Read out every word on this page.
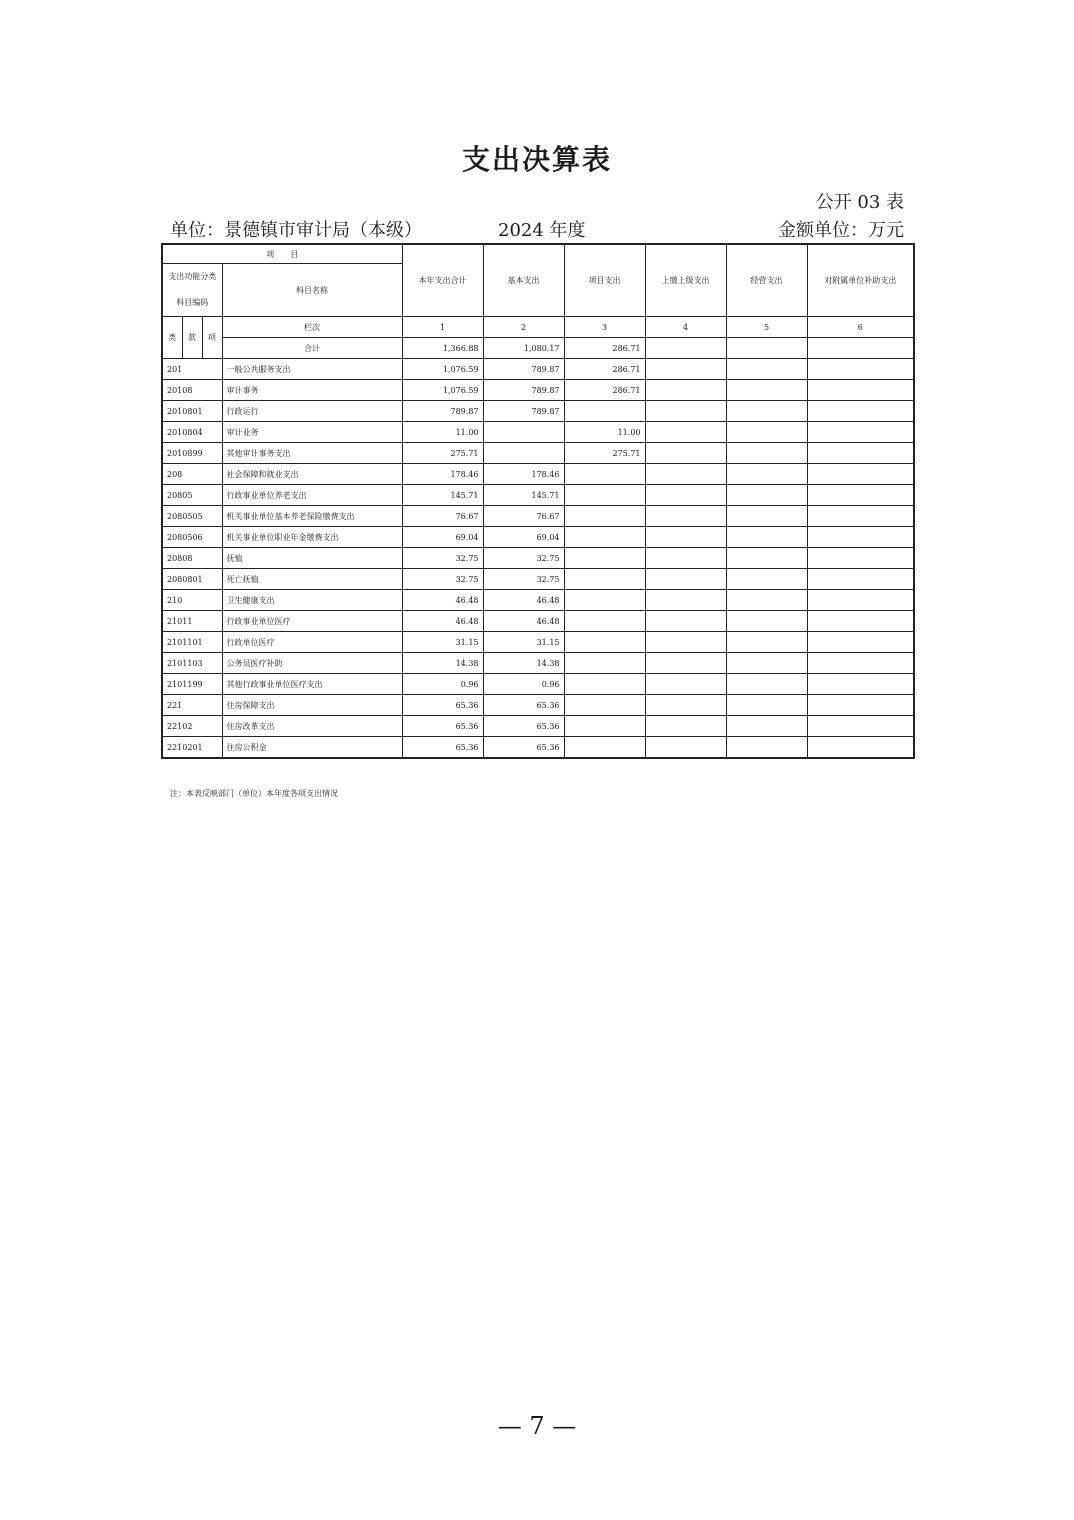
支出决算表
公开 03 表
单位：景德镇市审计局（本级）	2024 年度	金额单位：万元
项　　目				本年支出合计	基本支出	项目支出	上缴上级支出	经营支出	对附属单位补助支出
支出功能分类科目编码			科目名称						
类	款	项	栏次	1	2	3	4	5	6
			合计	1,366.88	1,080.17	286.71			
201			一般公共服务支出	1,076.59	789.87	286.71			
20108			审计事务	1,076.59	789.87	286.71			
2010801			行政运行	789.87	789.87				
2010804			审计业务	11.00		11.00			
2010899			其他审计事务支出	275.71		275.71			
208			社会保障和就业支出	178.46	178.46				
20805			行政事业单位养老支出	145.71	145.71				
2080505			机关事业单位基本养老保险缴费支出	76.67	76.67				
2080506			机关事业单位职业年金缴费支出	69.04	69.04				
20808			抚恤	32.75	32.75				
2080801			死亡抚恤	32.75	32.75				
210			卫生健康支出	46.48	46.48				
21011			行政事业单位医疗	46.48	46.48				
2101101			行政单位医疗	31.15	31.15				
2101103			公务员医疗补助	14.38	14.38				
2101199			其他行政事业单位医疗支出	0.96	0.96				
221			住房保障支出	65.36	65.36				
22102			住房改革支出	65.36	65.36				
2210201			住房公积金	65.36	65.36				
注：本表反映部门（单位）本年度各项支出情况
— 7 —
